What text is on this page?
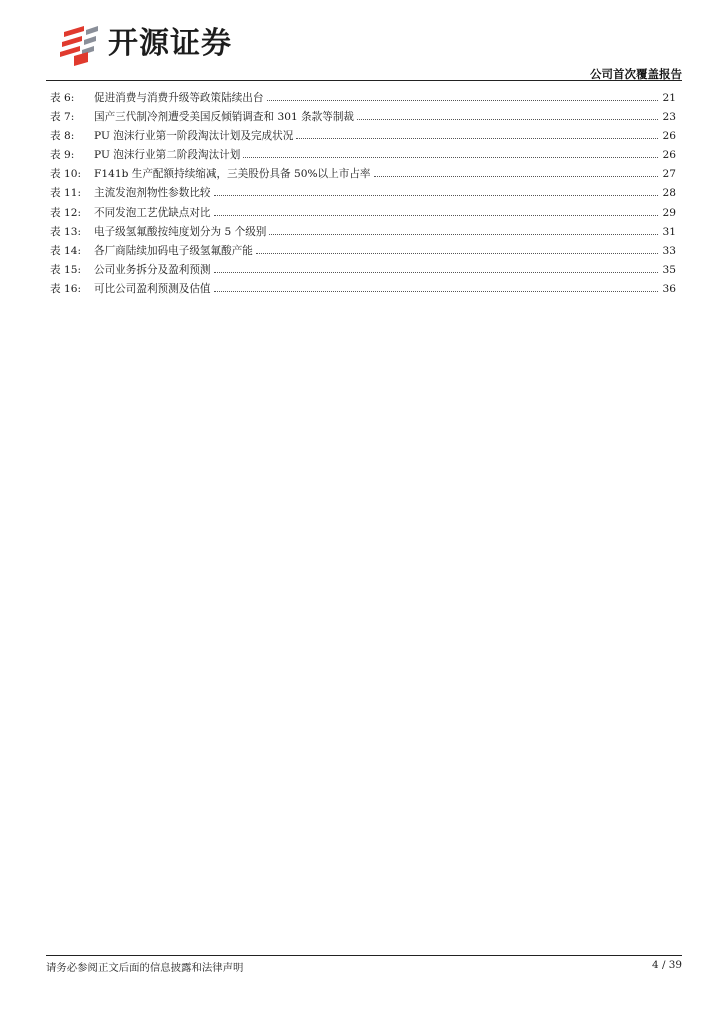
开源证券
公司首次覆盖报告
表 6:	促进消费与消费升级等政策陆续出台	21
表 7:	国产三代制冷剂遭受美国反倾销调查和 301 条款等制裁	23
表 8:	PU 泡沫行业第一阶段淘汰计划及完成状况	26
表 9:	PU 泡沫行业第二阶段淘汰计划	26
表 10:	F141b 生产配额持续缩减，三美股份具备 50%以上市占率	27
表 11:	主流发泡剂物性参数比较	28
表 12:	不同发泡工艺优缺点对比	29
表 13:	电子级氢氟酸按纯度划分为 5 个级别	31
表 14:	各厂商陆续加码电子级氢氟酸产能	33
表 15:	公司业务拆分及盈利预测	35
表 16:	可比公司盈利预测及估值	36
请务必参阅正文后面的信息披露和法律声明	4 / 39
